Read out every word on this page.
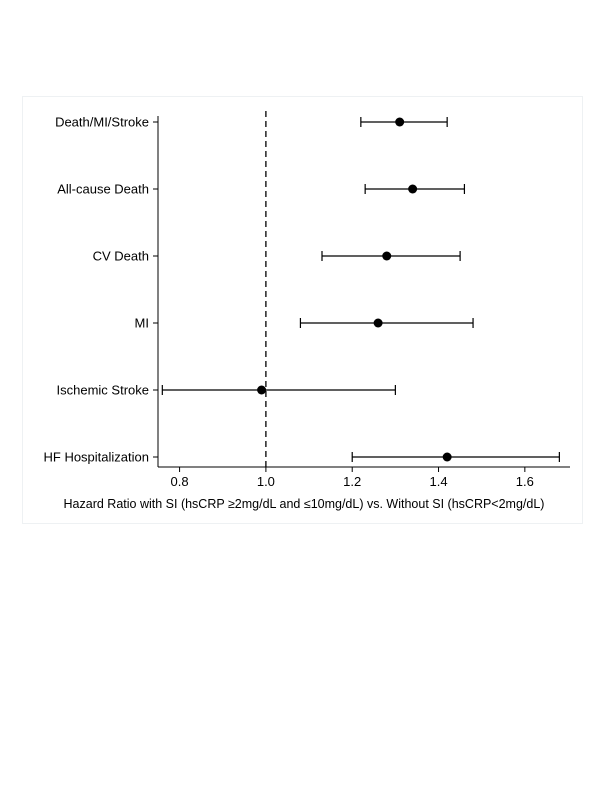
Death/MI/Stroke
All-cause Death
CV Death
MI
Ischemic Stroke
HF Hospitalization
0.8	1.0	1.2	1.4	1.6
Hazard Ratio with SI (hsCRP ≥2mg/dL and ≤10mg/dL) vs. Without SI (hsCRP<2mg/dL)
